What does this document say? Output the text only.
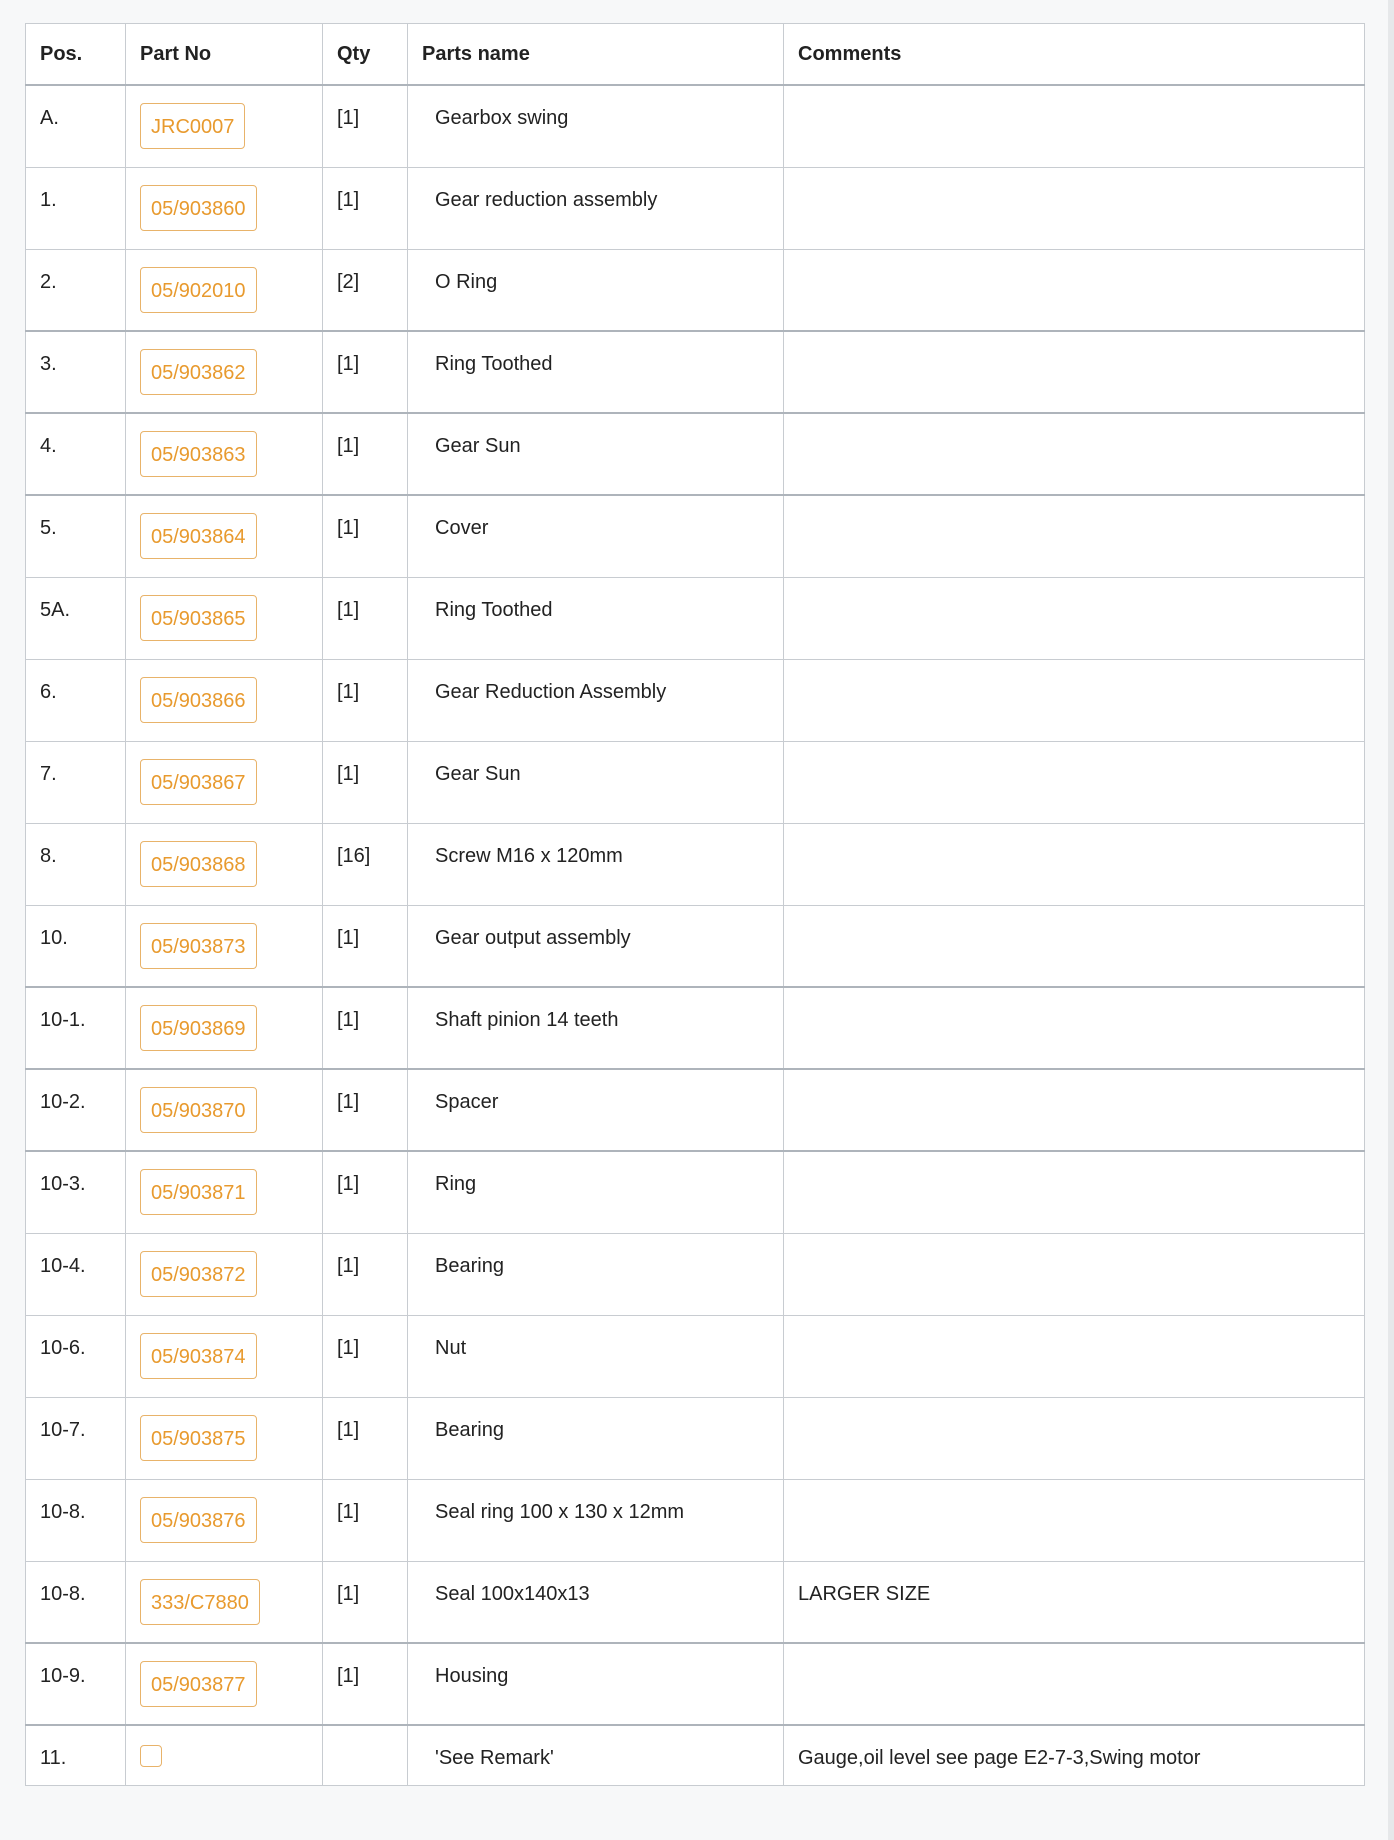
Pos.	Part No	Qty	Parts name	Comments
A.	JRC0007	[1]	Gearbox swing	
1.	05/903860	[1]	Gear reduction assembly	
2.	05/902010	[2]	O Ring	
3.	05/903862	[1]	Ring Toothed	
4.	05/903863	[1]	Gear Sun	
5.	05/903864	[1]	Cover	
5A.	05/903865	[1]	Ring Toothed	
6.	05/903866	[1]	Gear Reduction Assembly	
7.	05/903867	[1]	Gear Sun	
8.	05/903868	[16]	Screw M16 x 120mm	
10.	05/903873	[1]	Gear output assembly	
10-1.	05/903869	[1]	Shaft pinion 14 teeth	
10-2.	05/903870	[1]	Spacer	
10-3.	05/903871	[1]	Ring	
10-4.	05/903872	[1]	Bearing	
10-6.	05/903874	[1]	Nut	
10-7.	05/903875	[1]	Bearing	
10-8.	05/903876	[1]	Seal ring 100 x 130 x 12mm	
10-8.	333/C7880	[1]	Seal 100x140x13	LARGER SIZE
10-9.	05/903877	[1]	Housing	
11.			'See Remark'	Gauge,oil level see page E2-7-3,Swing motor
